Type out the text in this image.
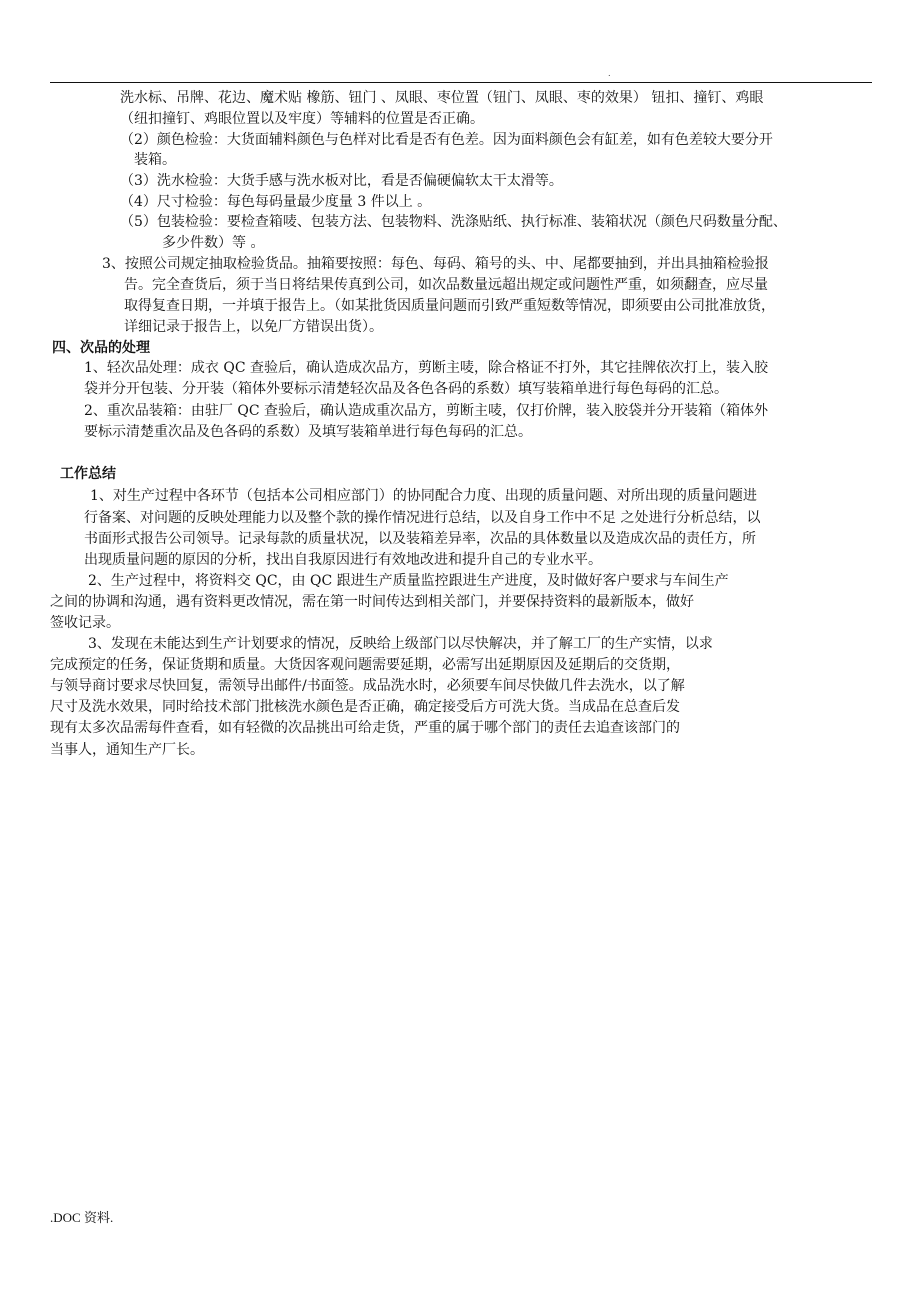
.
洗水标、吊牌、花边、魔术贴 橡筋、钮门 、凤眼、枣位置（钮门、凤眼、枣的效果） 钮扣、撞钉、鸡眼
（纽扣撞钉、鸡眼位置以及牢度）等辅料的位置是否正确。
（2）颜色检验：大货面辅料颜色与色样对比看是否有色差。因为面料颜色会有缸差，如有色差较大要分开
装箱。
（3）洗水检验：大货手感与洗水板对比，看是否偏硬偏软太干太滑等。
（4）尺寸检验：每色每码量最少度量 3 件以上 。
（5）包装检验：要检查箱唛、包装方法、包装物料、洗涤贴纸、执行标准、装箱状况（颜色尺码数量分配、
多少件数）等 。
3、按照公司规定抽取检验货品。抽箱要按照：每色、每码、箱号的头、中、尾都要抽到，并出具抽箱检验报
告。完全查货后，须于当日将结果传真到公司，如次品数量远超出规定或问题性严重，如须翻查，应尽量
取得复查日期，一并填于报告上。（如某批货因质量问题而引致严重短数等情况，即须要由公司批准放货，
详细记录于报告上，以免厂方错误出货）。
四、次品的处理
1、轻次品处理：成衣 QC 查验后，确认造成次品方，剪断主唛，除合格证不打外，其它挂牌依次打上，装入胶
袋并分开包装、分开装（箱体外要标示清楚轻次品及各色各码的系数）填写装箱单进行每色每码的汇总。
2、重次品装箱：由驻厂 QC 查验后，确认造成重次品方，剪断主唛，仅打价牌，装入胶袋并分开装箱（箱体外
要标示清楚重次品及色各码的系数）及填写装箱单进行每色每码的汇总。
工作总结
1、对生产过程中各环节（包括本公司相应部门）的协同配合力度、出现的质量问题、对所出现的质量问题进
行备案、对问题的反映处理能力以及整个款的操作情况进行总结，以及自身工作中不足 之处进行分析总结，以
书面形式报告公司领导。记录每款的质量状况，以及装箱差异率，次品的具体数量以及造成次品的责任方，所
出现质量问题的原因的分析，找出自我原因进行有效地改进和提升自己的专业水平。
2、生产过程中，将资料交 QC，由 QC 跟进生产质量监控跟进生产进度，及时做好客户要求与车间生产
之间的协调和沟通，遇有资料更改情况，需在第一时间传达到相关部门，并要保持资料的最新版本，做好
签收记录。
3、发现在未能达到生产计划要求的情况，反映给上级部门以尽快解决，并了解工厂的生产实情，以求
完成预定的任务，保证货期和质量。大货因客观问题需要延期，必需写出延期原因及延期后的交货期，
与领导商讨要求尽快回复，需领导出邮件/书面签。成品洗水时，必须要车间尽快做几件去洗水，以了解
尺寸及洗水效果，同时给技术部门批核洗水颜色是否正确，确定接受后方可洗大货。当成品在总查后发
现有太多次品需每件查看，如有轻微的次品挑出可给走货，严重的属于哪个部门的责任去追查该部门的
当事人，通知生产厂长。
.DOC 资料.
